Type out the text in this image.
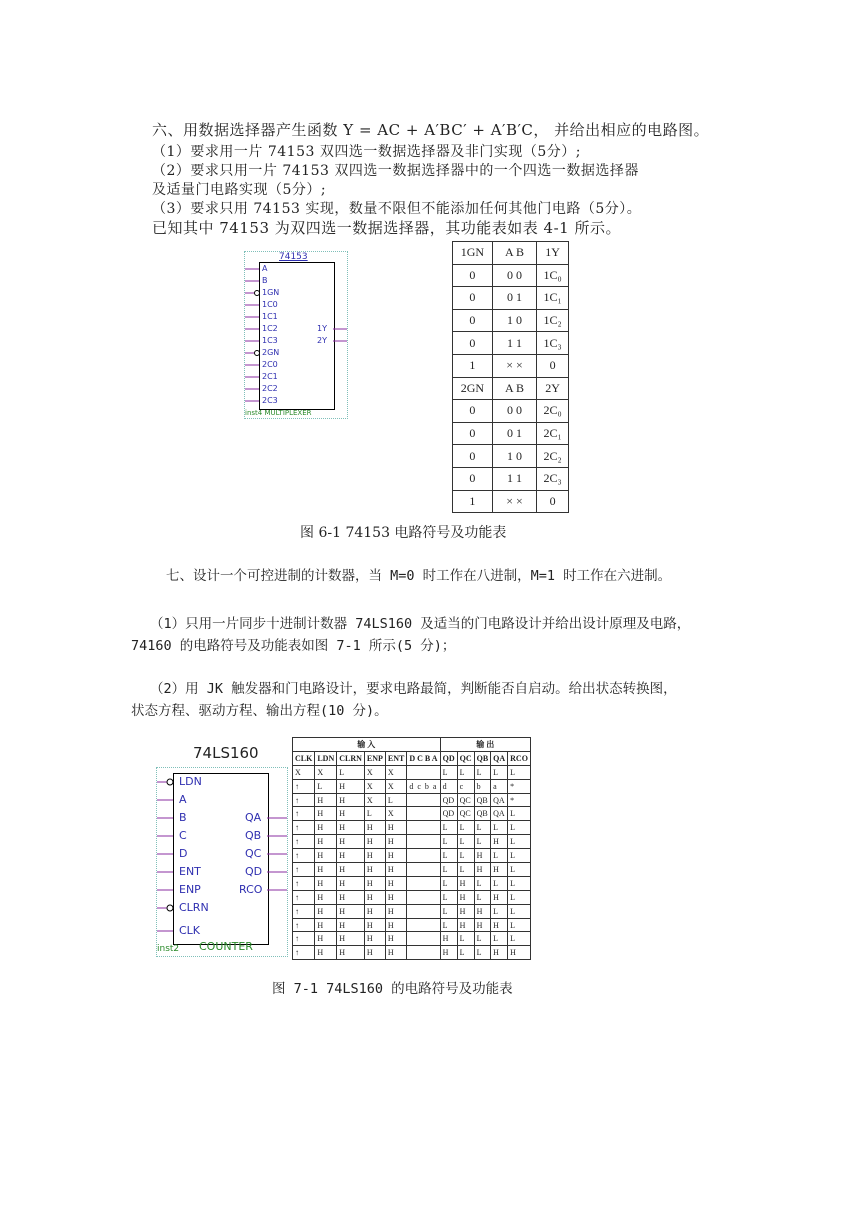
六、用数据选择器产生函数 Y = AC + A′BC′ + A′B′C， 并给出相应的电路图。
（1）要求用一片 74153 双四选一数据选择器及非门实现（5分）;
（2）要求只用一片 74153 双四选一数据选择器中的一个四选一数据选择器
及适量门电路实现（5分）;
（3）要求只用 74153 实现，数量不限但不能添加任何其他门电路（5分）。
已知其中 74153 为双四选一数据选择器，其功能表如表 4-1 所示。
74153
A
B
1GN
1C0
1C1
1C2
1C3
2GN
2C0
2C1
2C2
2C3
1Y
2Y
inst4 MULTIPLEXER
1GN	A B	1Y
0	0 0	1C₀
0	0 1	1C₁
0	1 0	1C₂
0	1 1	1C₃
1	× ×	0
2GN	A B	2Y
0	0 0	2C₀
0	0 1	2C₁
0	1 0	2C₂
0	1 1	2C₃
1	× ×	0
图 6-1 74153 电路符号及功能表
七、设计一个可控进制的计数器，当 M=0 时工作在八进制，M=1 时工作在六进制。
（1）只用一片同步十进制计数器 74LS160 及适当的门电路设计并给出设计原理及电路，
74160 的电路符号及功能表如图 7-1 所示(5 分)；
（2）用 JK 触发器和门电路设计，要求电路最简，判断能否自启动。给出状态转换图，
状态方程、驱动方程、输出方程(10 分)。
74LS160
LDN
A
B
C
D
ENT
ENP
CLRN
CLK
QA
QB
QC
QD
RCO
inst2 COUNTER
输 入						输 出				
CLK	LDN	CLRN	ENP	ENT	D C B A	QD	QC	QB	QA	RCO
X	X	L	X	X		L	L	L	L	L
↑	L	H	X	X	d  c  b  a	d	c	b	a	*
↑	H	H	X	L		QD	QC	QB	QA	*
↑	H	H	L	X		QD	QC	QB	QA	L
↑	H	H	H	H		L	L	L	L	L
↑	H	H	H	H		L	L	L	H	L
↑	H	H	H	H		L	L	H	L	L
↑	H	H	H	H		L	L	H	H	L
↑	H	H	H	H		L	H	L	L	L
↑	H	H	H	H		L	H	L	H	L
↑	H	H	H	H		L	H	H	L	L
↑	H	H	H	H		L	H	H	H	L
↑	H	H	H	H		H	L	L	L	L
↑	H	H	H	H		H	L	L	H	H
图 7-1 74LS160 的电路符号及功能表
